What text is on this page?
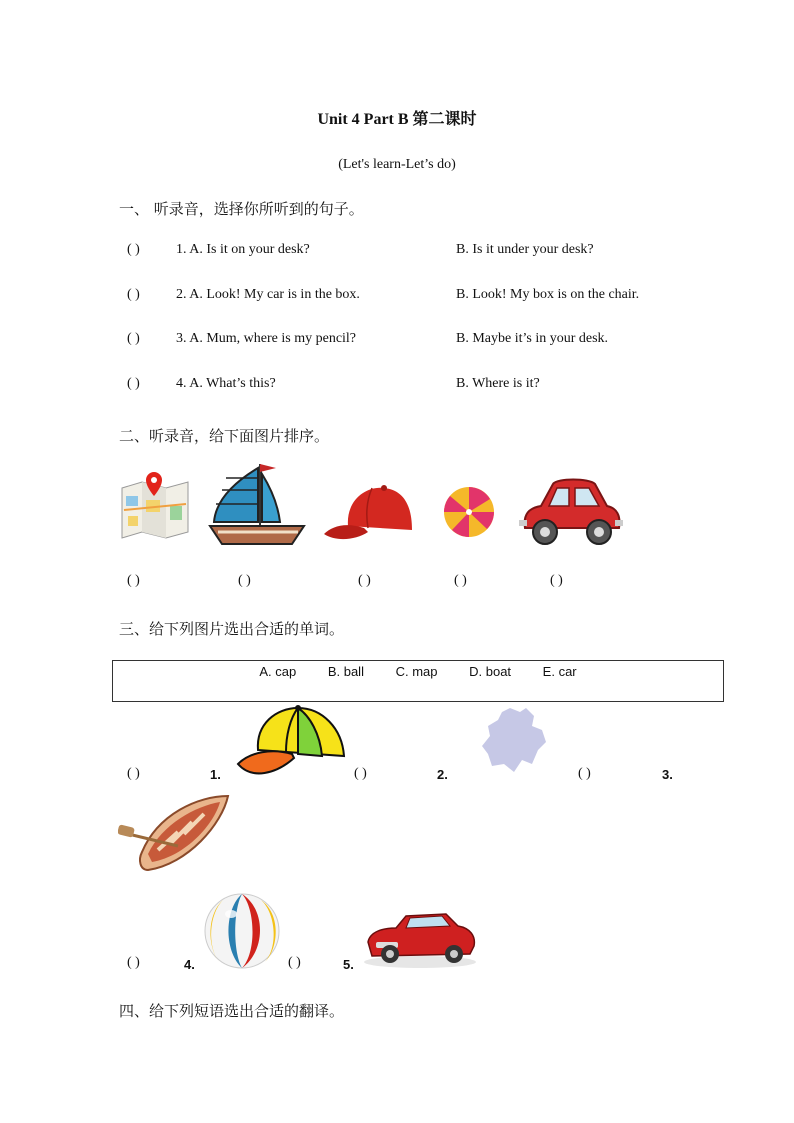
Unit 4 Part B 第二课时
(Let's learn-Let’s do)
一、 听录音，选择你所听到的句子。
( )	1. A. Is it on your desk?	B. Is it under your desk?
( )	2. A. Look! My car is in the box.	B. Look! My box is on the chair.
( )	3. A. Mum, where is my pencil?	B. Maybe it’s in your desk.
( )	4. A. What’s this?	B. Where is it?
二、听录音，给下面图片排序。
( )	( )	( )	( )	( )
三、给下列图片选出合适的单词。
A. cap B. ball C. map D. boat E. car
( )	1.	( )	2.	( )	3.
( )	4.	( )	5.
四、给下列短语选出合适的翻译。
